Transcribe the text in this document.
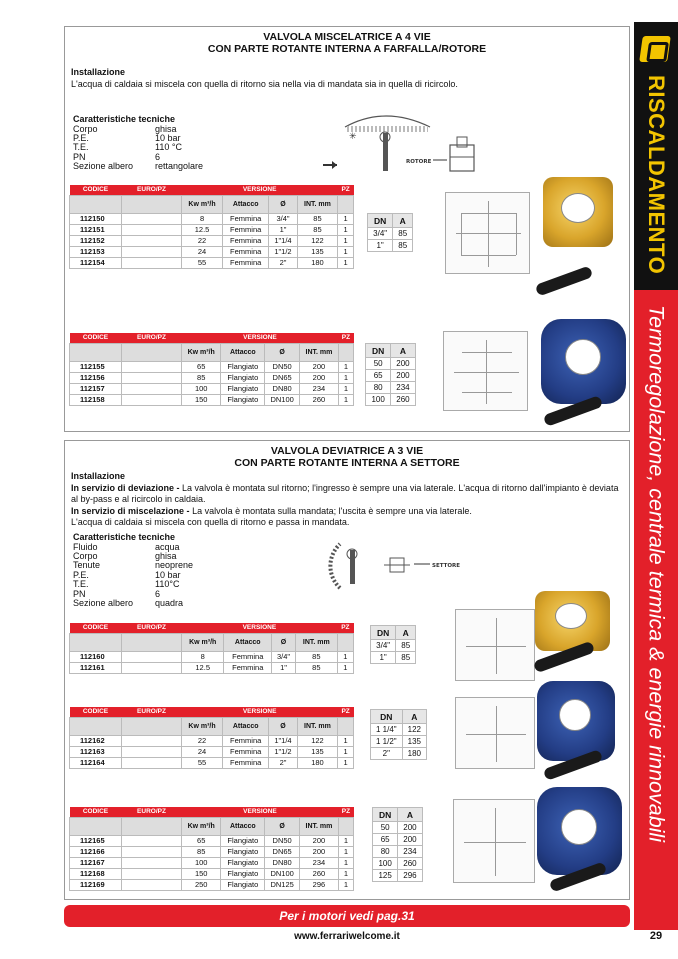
RISCALDAMENTO
Termoregolazione, centrale termica & energie rinnovabili
29
VALVOLA MISCELATRICE A 4 VIE
CON PARTE ROTANTE INTERNA A FARFALLA/ROTORE
Installazione
L'acqua di caldaia si miscela con quella di ritorno sia nella via di mandata sia in quella di ricircolo.
Caratteristiche tecniche
Corpo	ghisa
P.E.	10 bar
T.E.	110 °C
PN	6
Sezione albero	rettangolare
✳
ROTORE
CODICE	EURO/PZ	VERSIONE				PZ
		Kw m³/h	Attacco	Ø	INT. mm	
112150		8	Femmina	3/4"	85	1
112151		12.5	Femmina	1"	85	1
112152		22	Femmina	1"1/4	122	1
112153		24	Femmina	1"1/2	135	1
112154		55	Femmina	2"	180	1
DN	A
3/4"	85
1"	85
CODICE	EURO/PZ	VERSIONE				PZ
		Kw m³/h	Attacco	Ø	INT. mm	
112155		65	Flangiato	DN50	200	1
112156		85	Flangiato	DN65	200	1
112157		100	Flangiato	DN80	234	1
112158		150	Flangiato	DN100	260	1
DN	A
50	200
65	200
80	234
100	260
VALVOLA DEVIATRICE A 3 VIE
CON PARTE ROTANTE INTERNA A SETTORE
Installazione
In servizio di deviazione - La valvola è montata sul ritorno; l'ingresso è sempre una via laterale. L'acqua di ritorno dall'impianto è deviata al by-pass e al ricircolo in caldaia.
In servizio di miscelazione - La valvola è montata sulla mandata; l'uscita è sempre una via laterale.
L'acqua di caldaia si miscela con quella di ritorno e passa in mandata.
Caratteristiche tecniche
Fluido	acqua
Corpo	ghisa
Tenute	neoprene
P.E.	10 bar
T.E.	110°C
PN	6
Sezione albero	quadra
SETTORE
CODICE	EURO/PZ	VERSIONE				PZ
		Kw m³/h	Attacco	Ø	INT. mm	
112160		8	Femmina	3/4"	85	1
112161		12.5	Femmina	1"	85	1
DN	A
3/4"	85
1"	85
CODICE	EURO/PZ	VERSIONE				PZ
		Kw m³/h	Attacco	Ø	INT. mm	
112162		22	Femmina	1"1/4	122	1
112163		24	Femmina	1"1/2	135	1
112164		55	Femmina	2"	180	1
DN	A
1 1/4"	122
1 1/2"	135
2"	180
CODICE	EURO/PZ	VERSIONE				PZ
		Kw m³/h	Attacco	Ø	INT. mm	
112165		65	Flangiato	DN50	200	1
112166		85	Flangiato	DN65	200	1
112167		100	Flangiato	DN80	234	1
112168		150	Flangiato	DN100	260	1
112169		250	Flangiato	DN125	296	1
DN	A
50	200
65	200
80	234
100	260
125	296
Per i motori vedi pag.31
www.ferrariwelcome.it
